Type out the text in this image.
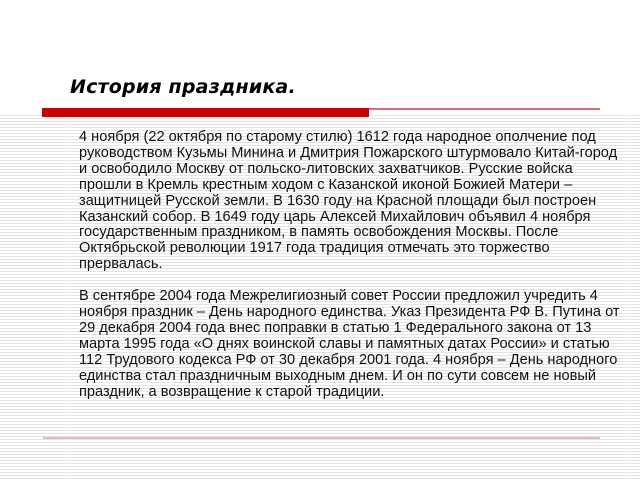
История праздника.

4 ноября (22 октября по старому стилю) 1612 года народное ополчение под руководством Кузьмы Минина и Дмитрия Пожарского штурмовало Китай-город и освободило Москву от польско-литовских захватчиков. Русские войска прошли в Кремль крестным ходом с Казанской иконой Божией Матери – защитницей Русской земли. В 1630 году на Красной площади был построен Казанский собор. В 1649 году царь Алексей Михайлович объявил 4 ноября государственным праздником, в память освобождения Москвы. После Октябрьской революции 1917 года традиция отмечать это торжество прервалась.

В сентябре 2004 года Межрелигиозный совет России предложил учредить 4 ноября праздник – День народного единства. Указ Президента РФ В. Путина от 29 декабря 2004 года внес поправки в статью 1 Федерального закона от 13 марта 1995 года «О днях воинской славы и памятных датах России» и статью 112 Трудового кодекса РФ от 30 декабря 2001 года. 4 ноября – День народного единства стал праздничным выходным днем. И он по сути совсем не новый праздник, а возвращение к старой традиции.
